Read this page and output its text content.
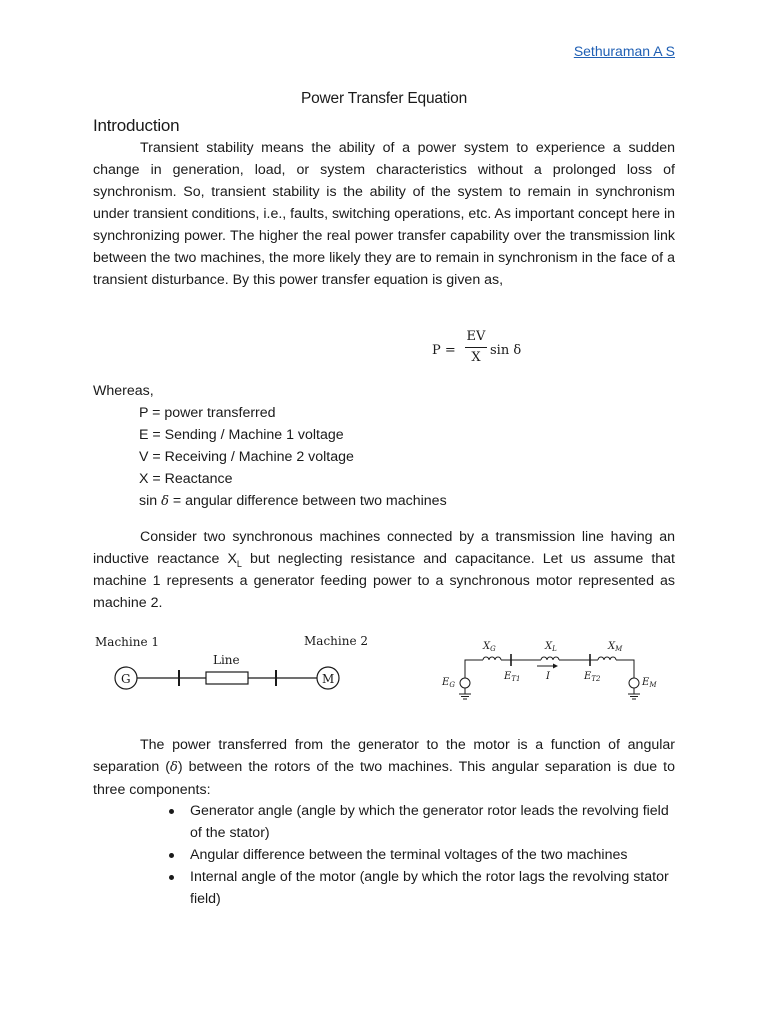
Sethuraman A S
Power Transfer Equation
Introduction

Transient stability means the ability of a power system to experience a sudden change in generation, load, or system characteristics without a prolonged loss of synchronism. So, transient stability is the ability of the system to remain in synchronism under transient conditions, i.e., faults, switching operations, etc. As important concept here in synchronizing power. The higher the real power transfer capability over the transmission link between the two machines, the more likely they are to remain in synchronism in the face of a transient disturbance. By this power transfer equation is given as,

P =
EV
X sin δ
Whereas,
P = power transferred
E = Sending / Machine 1 voltage
V = Receiving / Machine 2 voltage
X = Reactance
sin δ = angular difference between two machines

Consider two synchronous machines connected by a transmission line having an inductive reactance $X_L$ but neglecting resistance and capacitance. Let us assume that machine 1 represents a generator feeding power to a synchronous motor represented as machine 2.

Machine 1	Machine 2
Line
G	M
$X_G$	$X_L$	$X_M$
$E_G$
$E_{T1}$	I	$E_{T2}$	$E_M$

The power transferred from the generator to the motor is a function of angular separation (δ) between the rotors of the two machines. This angular separation is due to three components:

Generator angle (angle by which the generator rotor leads the revolving field of the stator)
Angular difference between the terminal voltages of the two machines
Internal angle of the motor (angle by which the rotor lags the revolving stator field)
